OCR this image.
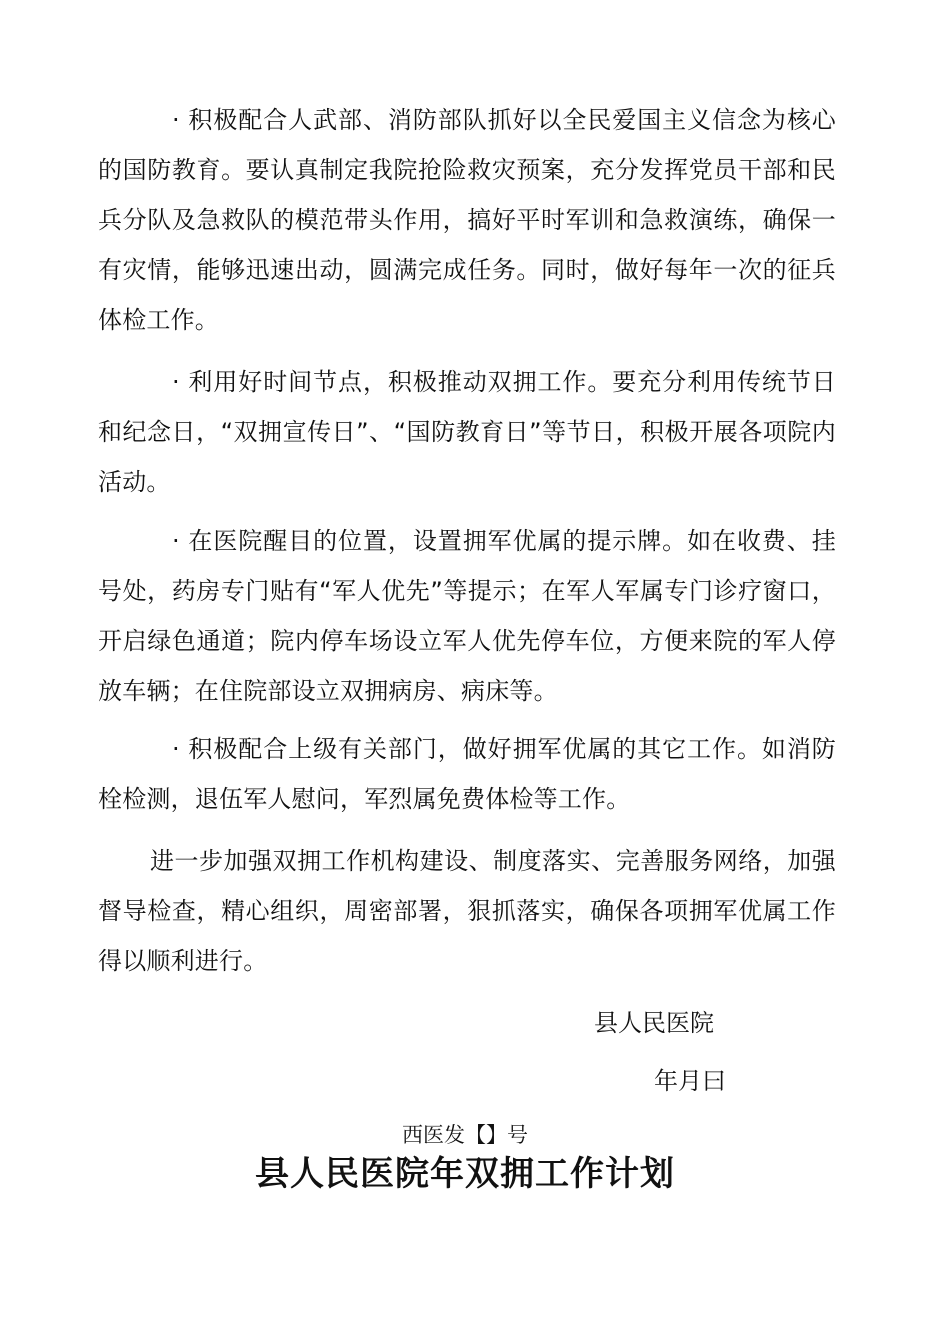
· 积极配合人武部、消防部队抓好以全民爱国主义信念为核心的国防教育。要认真制定我院抢险救灾预案，充分发挥党员干部和民兵分队及急救队的模范带头作用，搞好平时军训和急救演练，确保一有灾情，能够迅速出动，圆满完成任务。同时，做好每年一次的征兵体检工作。

· 利用好时间节点，积极推动双拥工作。要充分利用传统节日和纪念日，“双拥宣传日”、“国防教育日”等节日，积极开展各项院内活动。

· 在医院醒目的位置，设置拥军优属的提示牌。如在收费、挂号处，药房专门贴有“军人优先”等提示；在军人军属专门诊疗窗口，开启绿色通道；院内停车场设立军人优先停车位，方便来院的军人停放车辆；在住院部设立双拥病房、病床等。

· 积极配合上级有关部门，做好拥军优属的其它工作。如消防栓检测，退伍军人慰问，军烈属免费体检等工作。

进一步加强双拥工作机构建设、制度落实、完善服务网络，加强督导检查，精心组织，周密部署，狠抓落实，确保各项拥军优属工作得以顺利进行。

县人民医院

年月曰

西医发【】号

县人民医院年双拥工作计划
